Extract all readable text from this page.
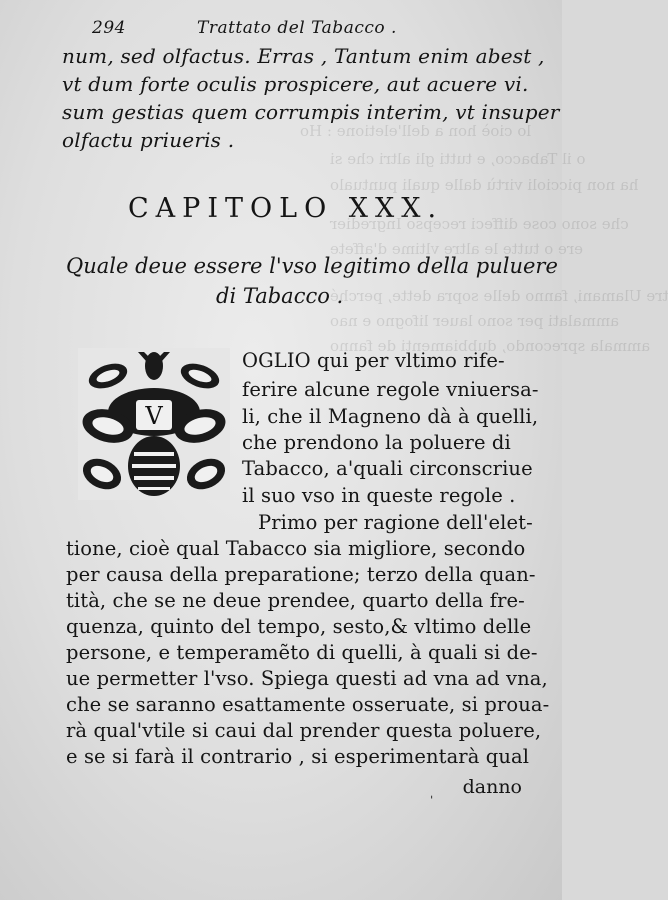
lo cioè hon a dell'eletione : Ho
o il Tabacco, e tutti gli altri che si
ha non piccioli virtù dalle quali puntualo
che sono cose diffeci recepso Ingredier
ere o tutte le altre vltime d'affete
tre Ulamani, fanno delle sopra dette, perché
ammalati per sono lauer lifogno e nao
ammala sprecondo, dubbiamenti de fanno
294	Trattato del Tabacco .
num, sed olfactus. Erras , Tantum enim abest ,
vt dum forte oculis prospicere, aut acuere vi.
sum gestias quem corrumpis interim, vt insuper
olfactu priueris .
CAPITOLO XXX.
Quale deue essere l'vso legitimo della puluere
di Tabacco .
V
OGLIO qui per vltimo rife-
ferire alcune regole vniuersa-
li, che il Magneno dà à quelli,
che prendono la poluere di
Tabacco, a'quali circonscriue
il suo vso in queste regole .
Primo per ragione dell'elet-
tione, cioè qual Tabacco sia migliore, secondo
per causa della preparatione; terzo della quan-
tità, che se ne deue prendee, quarto della fre-
quenza, quinto del tempo, sesto,& vltimo delle
persone, e temperamẽto di quelli, à quali si de-
ue permetter l'vso. Spiega questi ad vna ad vna,
che se saranno esattamente osseruate, si proua-
rà qual'vtile si caui dal prender questa poluere,
e se si farà il contrario , si esperimentarà qual
danno
ˈ
